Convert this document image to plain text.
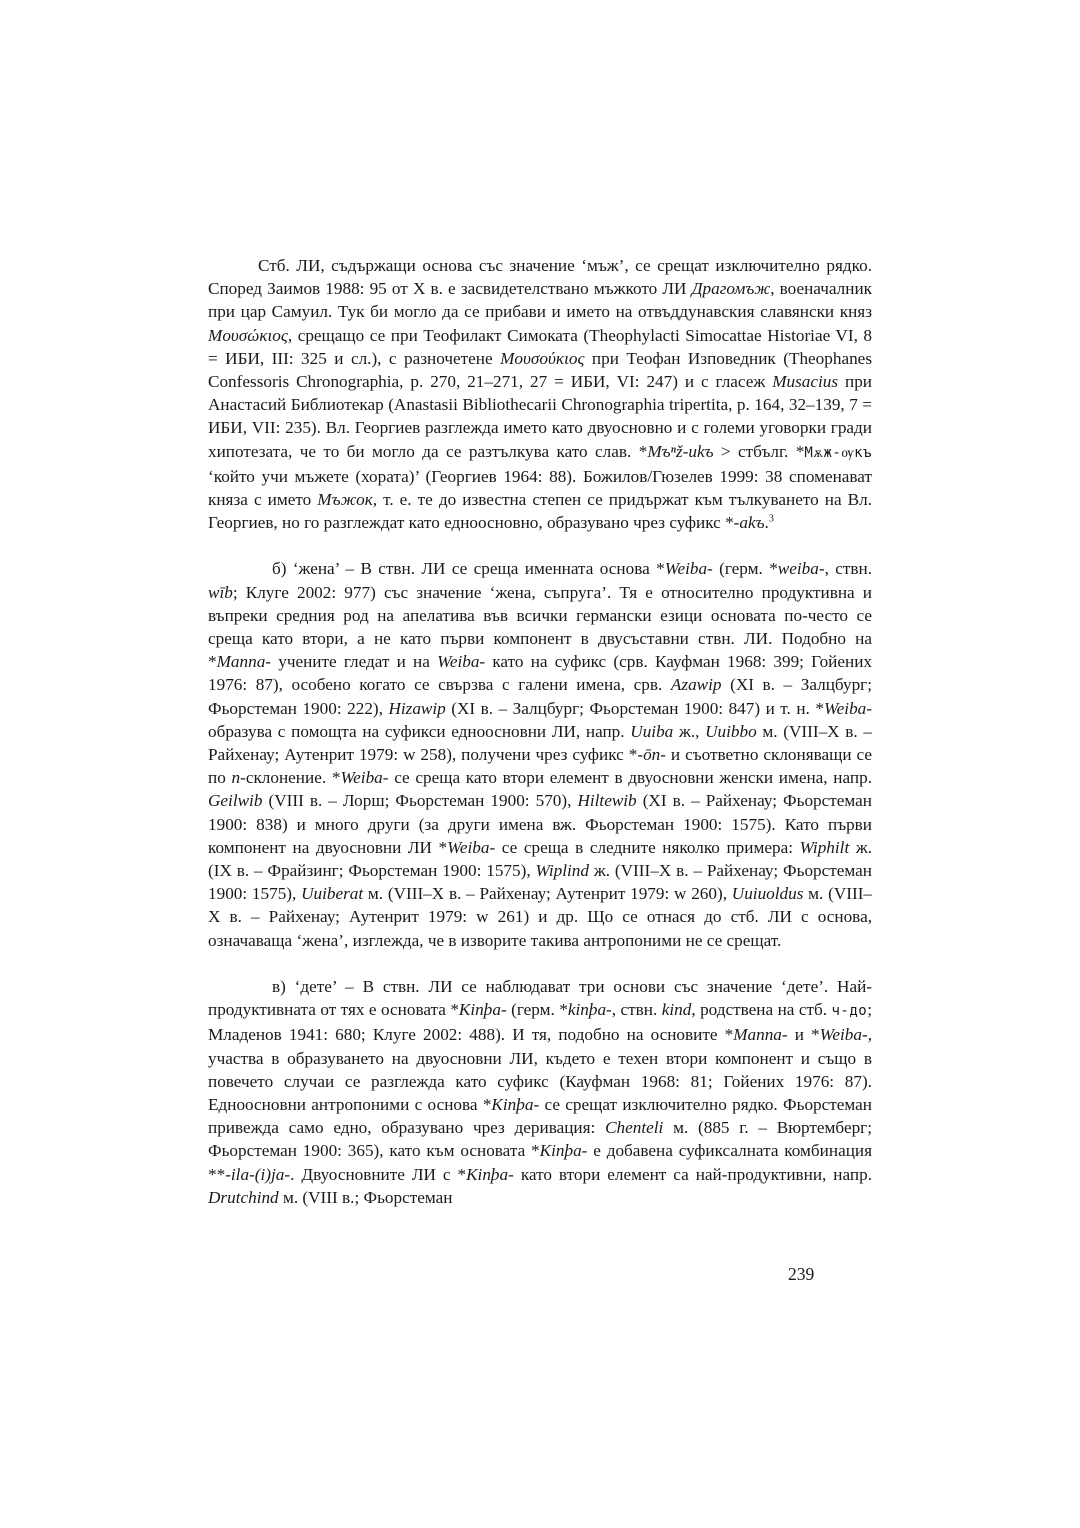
Стб. ЛИ, съдържащи основа със значение ‘мъж’, се срещат изключително рядко. Според Заимов 1988: 95 от X в. е засвидетелствано мъжкото ЛИ Драгомъж, военачалник при цар Самуил. Тук би могло да се прибави и името на отвъддунавския славянски княз Μουσώκιος, срещащо се при Теофилакт Симоката (Theophylacti Simocattae Historiae VI, 8 = ИБИ, III: 325 и сл.), с разночетене Μουσούκιος при Теофан Изповедник (Theophanes Confessoris Chronographia, p. 270, 21–271, 27 = ИБИ, VI: 247) и с гласеж Musacius при Анастасий Библиотекар (Anastasii Bibliothecarii Chronographia tripertita, p. 164, 32–139, 7 = ИБИ, VII: 235). Вл. Георгиев разглежда името като двуосновно и с големи уговорки гради хипотезата, че то би могло да се разтълкува като слав. *Мъⁿž-ukъ > стбълг. *Мѫж-ѹкъ ‘който учи мъжете (хората)’ (Георгиев 1964: 88). Божилов/Гюзелев 1999: 38 споменават княза с името Мъжок, т. е. те до известна степен се придържат към тълкуването на Вл. Георгиев, но го разглеждат като едноосновно, образувано чрез суфикс *-akъ.$^3$

б) ‘жена’ – В ствн. ЛИ се среща именната основа *Weiba- (герм. *weiba-, ствн. wīb; Клуге 2002: 977) със значение ‘жена, съпруга’. Тя е относително продуктивна и въпреки средния род на апелатива във всички германски езици основата по-често се среща като втори, а не като първи компонент в двусъставни ствн. ЛИ. Подобно на *Manna- учените гледат и на Weiba- като на суфикс (срв. Кауфман 1968: 399; Гойених 1976: 87), особено когато се свързва с галени имена, срв. Azawip (XI в. – Залцбург; Фьорстеман 1900: 222), Hizawip (XI в. – Залцбург; Фьорстеман 1900: 847) и т. н. *Weiba- образува с помощта на суфикси едноосновни ЛИ, напр. Uuiba ж., Uuibbo м. (VIII–X в. – Райхенау; Аутенрит 1979: w 258), получени чрез суфикс *-ōn- и съответно склоняващи се по n-склонение. *Weiba- се среща като втори елемент в двуосновни женски имена, напр. Geilwib (VIII в. – Лорш; Фьорстеман 1900: 570), Hiltewib (XI в. – Райхенау; Фьорстеман 1900: 838) и много други (за други имена вж. Фьорстеман 1900: 1575). Като първи компонент на двуосновни ЛИ *Weiba- се среща в следните няколко примера: Wiphilt ж. (IX в. – Фрайзинг; Фьорстеман 1900: 1575), Wiplind ж. (VIII–X в. – Райхенау; Фьорстеман 1900: 1575), Uuiberat м. (VIII–X в. – Райхенау; Аутенрит 1979: w 260), Uuiuoldus м. (VIII–X в. – Райхенау; Аутенрит 1979: w 261) и др. Що се отнася до стб. ЛИ с основа, означаваща ‘жена’, изглежда, че в изворите такива антропоними не се срещат.

в) ‘дете’ – В ствн. ЛИ се наблюдават три основи със значение ‘дете’. Най-продуктивната от тях е основата *Kinþa- (герм. *kinþa-, ствн. kind, родствена на стб. ч-до; Младенов 1941: 680; Клуге 2002: 488). И тя, подобно на основите *Manna- и *Weiba-, участва в образуването на двуосновни ЛИ, където е техен втори компонент и също в повечето случаи се разглежда като суфикс (Кауфман 1968: 81; Гойених 1976: 87). Едноосновни антропоними с основа *Kinþa- се срещат изключително рядко. Фьорстеман привежда само едно, образувано чрез деривация: Chenteli м. (885 г. – Вюртемберг; Фьорстеман 1900: 365), като към основата *Kinþa- е добавена суфиксалната комбинация **-ila-(i)ja-. Двуосновните ЛИ с *Kinþa- като втори елемент са най-продуктивни, напр. Drutchind м. (VIII в.; Фьорстеман

239
